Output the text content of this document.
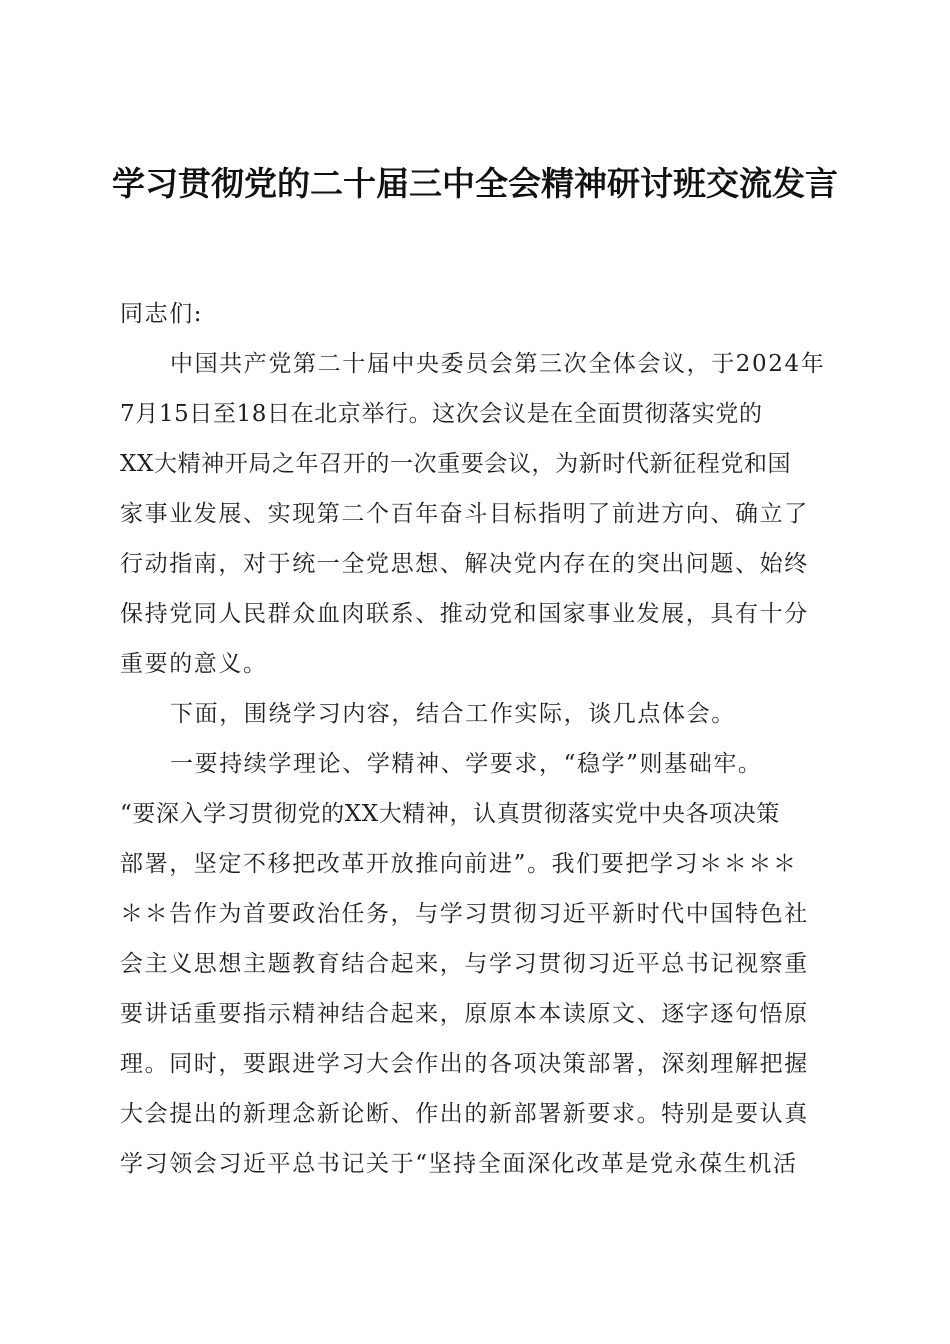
学习贯彻党的二十届三中全会精神研讨班交流发言
同志们:
中国共产党第二十届中央委员会第三次全体会议，于2024年
7月15日至18日在北京举行。这次会议是在全面贯彻落实党的
XX大精神开局之年召开的一次重要会议，为新时代新征程党和国
家事业发展、实现第二个百年奋斗目标指明了前进方向、确立了
行动指南，对于统一全党思想、解决党内存在的突出问题、始终
保持党同人民群众血肉联系、推动党和国家事业发展，具有十分
重要的意义。
下面，围绕学习内容，结合工作实际，谈几点体会。
一要持续学理论、学精神、学要求，“稳学”则基础牢。
“要深入学习贯彻党的XX大精神，认真贯彻落实党中央各项决策
部署，坚定不移把改革开放推向前进”。我们要把学习＊＊＊＊
＊＊告作为首要政治任务，与学习贯彻习近平新时代中国特色社
会主义思想主题教育结合起来，与学习贯彻习近平总书记视察重
要讲话重要指示精神结合起来，原原本本读原文、逐字逐句悟原
理。同时，要跟进学习大会作出的各项决策部署，深刻理解把握
大会提出的新理念新论断、作出的新部署新要求。特别是要认真
学习领会习近平总书记关于“坚持全面深化改革是党永葆生机活
